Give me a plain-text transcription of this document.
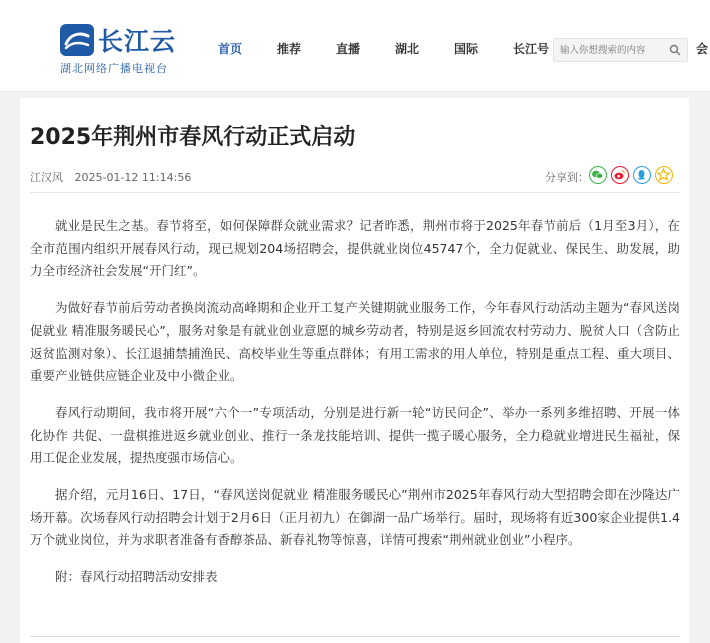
长江云
湖北网络广播电视台
首页	推荐	直播	湖北	国际	长江号
输入你想搜索的内容	会
2025年荆州市春风行动正式启动
江汉风 2025-01-12 11:14:56	分享到：

就业是民生之基。春节将至，如何保障群众就业需求？记者昨悉，荆州市将于2025年春节前后（1月至3月），在全市范围内组织开展春风行动，现已规划204场招聘会，提供就业岗位45747个，全力促就业、保民生、助发展，助力全市经济社会发展“开门红”。

为做好春节前后劳动者换岗流动高峰期和企业开工复产关键期就业服务工作，今年春风行动活动主题为“春风送岗促就业 精准服务暖民心”，服务对象是有就业创业意愿的城乡劳动者，特别是返乡回流农村劳动力、脱贫人口（含防止返贫监测对象）、长江退捕禁捕渔民、高校毕业生等重点群体；有用工需求的用人单位，特别是重点工程、重大项目、重要产业链供应链企业及中小微企业。

春风行动期间，我市将开展“六个一”专项活动，分别是进行新一轮“访民问企”、举办一系列多维招聘、开展一体化协作 共促、一盘棋推进返乡就业创业、推行一条龙技能培训、提供一揽子暖心服务，全力稳就业增进民生福祉，保用工促企业发展，提热度强市场信心。

据介绍，元月16日、17日，“春风送岗促就业 精准服务暖民心”荆州市2025年春风行动大型招聘会即在沙隆达广场开幕。次场春风行动招聘会计划于2月6日（正月初九）在御湖一品广场举行。届时，现场将有近300家企业提供1.4万个就业岗位，并为求职者准备有香醇茶品、新春礼物等惊喜，详情可搜索“荆州就业创业”小程序。

附：春风行动招聘活动安排表
